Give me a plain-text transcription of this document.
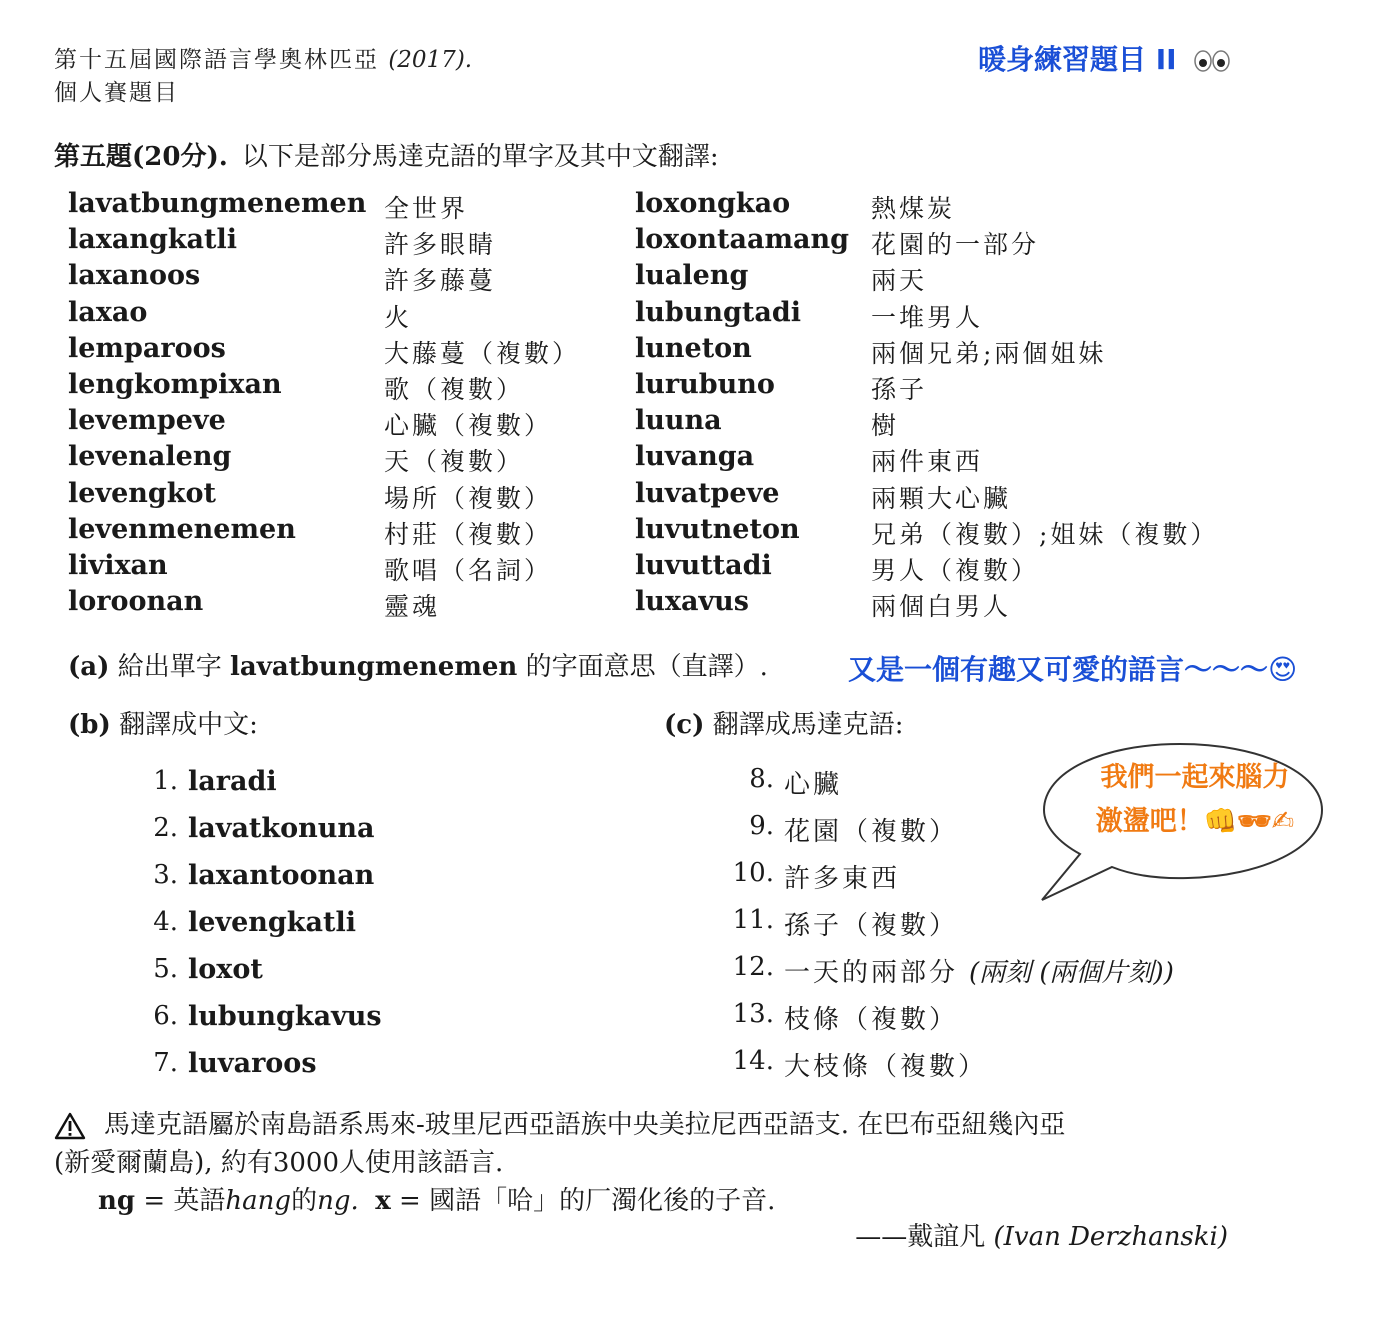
第十五屆國際語言學奧林匹亞 (2017).
個人賽題目
暖身練習題目 II
第五題(20分). 以下是部分馬達克語的單字及其中文翻譯:
lavatbungmenemen 全世界
laxangkatli	許多眼睛
laxanoos	許多藤蔓
laxao	火
lemparoos	大藤蔓（複數）
lengkompixan	歌（複數）
levempeve	心臟（複數）
levenaleng	天（複數）
levengkot	場所（複數）
levenmenemen	村莊（複數）
livixan	歌唱（名詞）
loroonan	靈魂
loxongkao	熱煤炭
loxontaamang 花園的一部分
lualeng	兩天
lubungtadi	一堆男人
luneton	兩個兄弟;兩個姐妹
lurubuno	孫子
luuna	樹
luvanga	兩件東西
luvatpeve	兩顆大心臟
luvutneton	兄弟（複數）;姐妹（複數）
luvuttadi	男人（複數）
luxavus	兩個白男人
(a) 給出單字 lavatbungmenemen 的字面意思（直譯）.	又是一個有趣又可愛的語言～～～😍
(b) 翻譯成中文:	(c) 翻譯成馬達克語:
1. laradi
2. lavatkonuna
3. laxantoonan
4. levengkatli
5. loxot
6. lubungkavus
7. luvaroos
8. 心臟
9. 花園（複數）
10. 許多東西
11. 孫子（複數）
12. 一天的兩部分 (兩刻 (兩個片刻))
13. 枝條（複數）
14. 大枝條（複數）
我們一起來腦力
激盪吧！👊🕶✍
馬達克語屬於南島語系馬來-玻里尼西亞語族中央美拉尼西亞語支. 在巴布亞紐幾內亞
(新愛爾蘭島), 約有3000人使用該語言.
ng = 英語hang的ng. x = 國語「哈」的厂濁化後的子音.
——戴誼凡 (Ivan Derzhanski)
